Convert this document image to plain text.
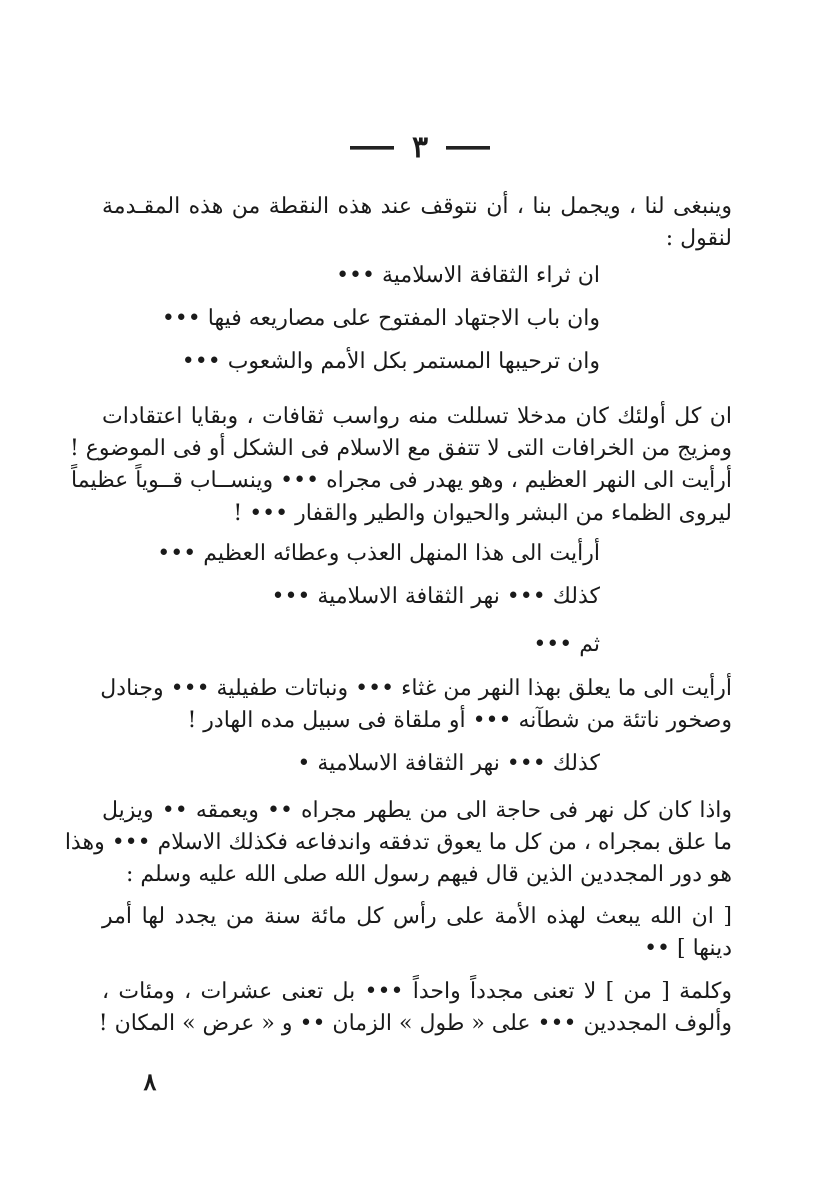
٣
وينبغى لنا ، ويجمل بنا ، أن نتوقف عند هذه النقطة من هذه المقـدمة
لنقول :
ان ثراء الثقافة الاسلامية •••
وان باب الاجتهاد المفتوح على مصاريعه فيها •••
وان ترحيبها المستمر بكل الأمم والشعوب •••
ان كل أولئك كان مدخلا تسللت منه رواسب ثقافات ، وبقايا اعتقادات
ومزيج من الخرافات التى لا تتفق مع الاسلام فى الشكل أو فى الموضوع !
أرأيت الى النهر العظيم ، وهو يهدر فى مجراه ••• وينســاب قــوياً عظيماً
ليروى الظماء من البشر والحيوان والطير والقفار ••• !
أرأيت الى هذا المنهل العذب وعطائه العظيم •••
كذلك ••• نهر الثقافة الاسلامية •••
ثم •••
أرأيت الى ما يعلق بهذا النهر من غثاء ••• ونباتات طفيلية ••• وجنادل
وصخور ناتئة من شطآنه ••• أو ملقاة فى سبيل مده الهادر !
كذلك ••• نهر الثقافة الاسلامية •
واذا كان كل نهر فى حاجة الى من يطهر مجراه •• ويعمقه •• ويزيل
ما علق بمجراه ، من كل ما يعوق تدفقه واندفاعه فكذلك الاسلام ••• وهذا
هو دور المجددين الذين قال فيهم رسول الله صلى الله عليه وسلم :
[ ان الله يبعث لهذه الأمة على رأس كل مائة سنة من يجدد لها أمر
دينها ] ••
وكلمة [ من ] لا تعنى مجدداً واحداً ••• بل تعنى عشرات ، ومئات ،
وألوف المجددين ••• على « طول » الزمان •• و « عرض » المكان !
٨
